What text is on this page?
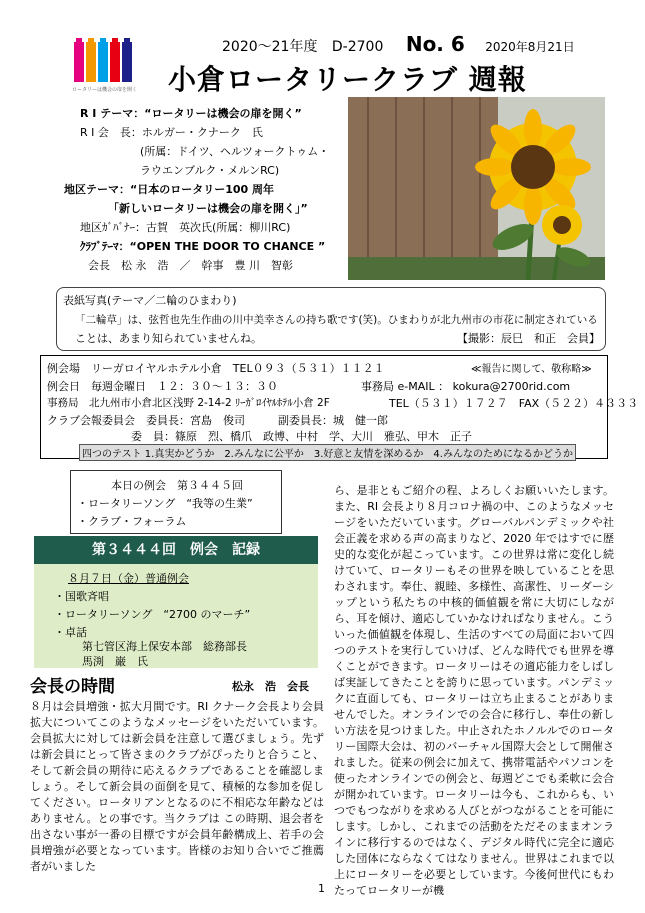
ロータリーは機会の扉を開く
2020～21年度 D-2700 No. 6 2020年8月21日
小倉ロータリークラブ 週報
R I テーマ：“ロータリーは機会の扉を開く”
R I 会　長：ホルガー・クナーク　氏
(所属：ドイツ、ヘルツォークトゥム・
ラウエンブルク・メルンRC)
地区テーマ：“日本のロータリー100 周年
「新しいロータリーは機会の扉を開く」”
地区ｶﾞﾊﾞﾅｰ：古賀　英次氏(所属：柳川RC)
ｸﾗﾌﾞﾃｰﾏ：“OPEN THE DOOR TO CHANCE ”
会長　松 永　浩　／　幹事　豊 川　智彰
表紙写真(テーマ／二輪のひまわり)
「二輪草」は、弦哲也先生作曲の川中美幸さんの持ち歌です(笑)。ひまわりが北九州市の市花に制定されている
ことは、あまり知られていませんね。	【撮影：辰巳　和正　会員】
例会場　リーガロイヤルホテル小倉　TEL０９３（５３１）１１２１	≪報告に関して、敬称略≫
例会日　毎週金曜日　１２：３０～１３：３０	事務局 e-MAIL ： kokura@2700rid.com
事務局　北九州市小倉北区浅野 2-14-2 ﾘｰｶﾞﾛｲﾔﾙﾎﾃﾙ小倉 2F	TEL（５３１）１７２７　FAX（５２２）４３３３
クラブ会報委員会　委員長：宮島　俊司　　　副委員長：城　健一郎
委　員：篠原　烈、橋爪　政博、中村　学、大川　雅弘、甲木　正子
四つのテスト 1.真実かどうか　2.みんなに公平か　3.好意と友情を深めるか　4.みんなのためになるかどうか
本日の例会　第３４４５回
・ロータリーソング　“我等の生業”
・クラブ・フォーラム
第３４４４回　例会　記録
８月７日（金）普通例会
・国歌斉唱
・ロータリーソング　“2700 のマーチ”
・卓話
第七管区海上保安本部　総務部長
馬渕　巌　氏
会長の時間	松永　浩　会長
８月は会員増強・拡大月間です。RI クナーク会長より会員拡大についてこのようなメッセージをいただいています。会員拡大に対しては新会員を注意して選びましょう。先ずは新会員にとって皆さまのクラブがぴったりと合うこと、そして新会員の期待に応えるクラブであることを確認しましょう。そして新会員の面倒を見て、積極的な参加を促してください。ロータリアンとなるのに不相応な年齢などはありません。との事です。当クラブは この時期、退会者を出さない事が一番の目標ですが会員年齢構成上、若手の会員増強が必要となっています。皆様のお知り合いでご推薦者がいました
ら、是非ともご紹介の程、よろしくお願いいたします。また、RI 会長より８月コロナ禍の中、このようなメッセージをいただいています。グローバルパンデミックや社会正義を求める声の高まりなど、2020 年ではすでに歴史的な変化が起こっています。この世界は常に変化し続けていて、ロータリーもその世界を映していることを思わされます。奉仕、親睦、多様性、高潔性、リーダーシップという私たちの中核的価値観を常に大切にしながら、耳を傾け、適応していかなければなりません。こういった価値観を体現し、生活のすべての局面において四つのテストを実行していけば、どんな時代でも世界を導くことができます。ロータリーはその適応能力をしばしば実証してきたことを誇りに思っています。パンデミックに直面しても、ロータリーは立ち止まることがありませんでした。オンラインでの会合に移行し、奉仕の新しい方法を見つけました。中止されたホノルルでのロータリー国際大会は、初のバーチャル国際大会として開催されました。従来の例会に加えて、携帯電話やパソコンを使ったオンラインでの例会と、毎週どこでも柔軟に会合が開かれています。ロータリーは今も、これからも、いつでもつながりを求める人びとがつながることを可能にします。しかし、これまでの活動をただそのままオンラインに移行するのではなく、デジタル時代に完全に適応した団体にならなくてはなりません。世界はこれまで以上にロータリーを必要としています。今後何世代にもわたってロータリーが機
1
